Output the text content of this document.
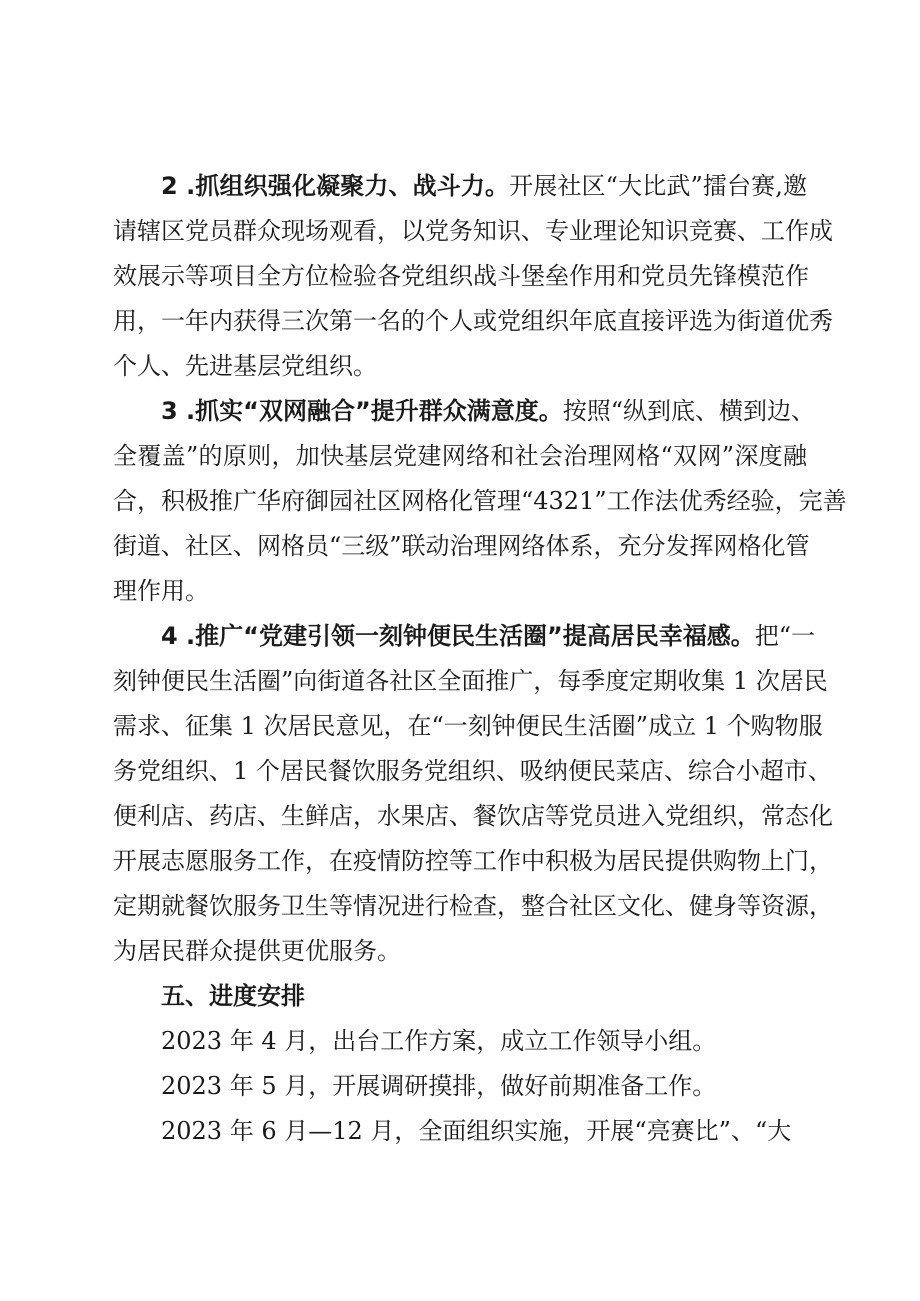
2 .抓组织强化凝聚力、战斗力。开展社区“大比武”擂台赛,邀
请辖区党员群众现场观看，以党务知识、专业理论知识竞赛、工作成
效展示等项目全方位检验各党组织战斗堡垒作用和党员先锋模范作
用，一年内获得三次第一名的个人或党组织年底直接评选为街道优秀
个人、先进基层党组织。
3 .抓实“双网融合”提升群众满意度。按照“纵到底、横到边、
全覆盖”的原则，加快基层党建网络和社会治理网格“双网”深度融
合，积极推广华府御园社区网格化管理“4321”工作法优秀经验，完善
街道、社区、网格员“三级”联动治理网络体系，充分发挥网格化管
理作用。
4 .推广“党建引领一刻钟便民生活圈”提高居民幸福感。把“一
刻钟便民生活圈”向街道各社区全面推广，每季度定期收集 1 次居民
需求、征集 1 次居民意见，在“一刻钟便民生活圈”成立 1 个购物服
务党组织、1 个居民餐饮服务党组织、吸纳便民菜店、综合小超市、
便利店、药店、生鲜店，水果店、餐饮店等党员进入党组织，常态化
开展志愿服务工作，在疫情防控等工作中积极为居民提供购物上门，
定期就餐饮服务卫生等情况进行检查，整合社区文化、健身等资源，
为居民群众提供更优服务。
五、进度安排
2023 年 4 月，出台工作方案，成立工作领导小组。
2023 年 5 月，开展调研摸排，做好前期准备工作。
2023 年 6 月—12 月，全面组织实施，开展“亮赛比”、“大
